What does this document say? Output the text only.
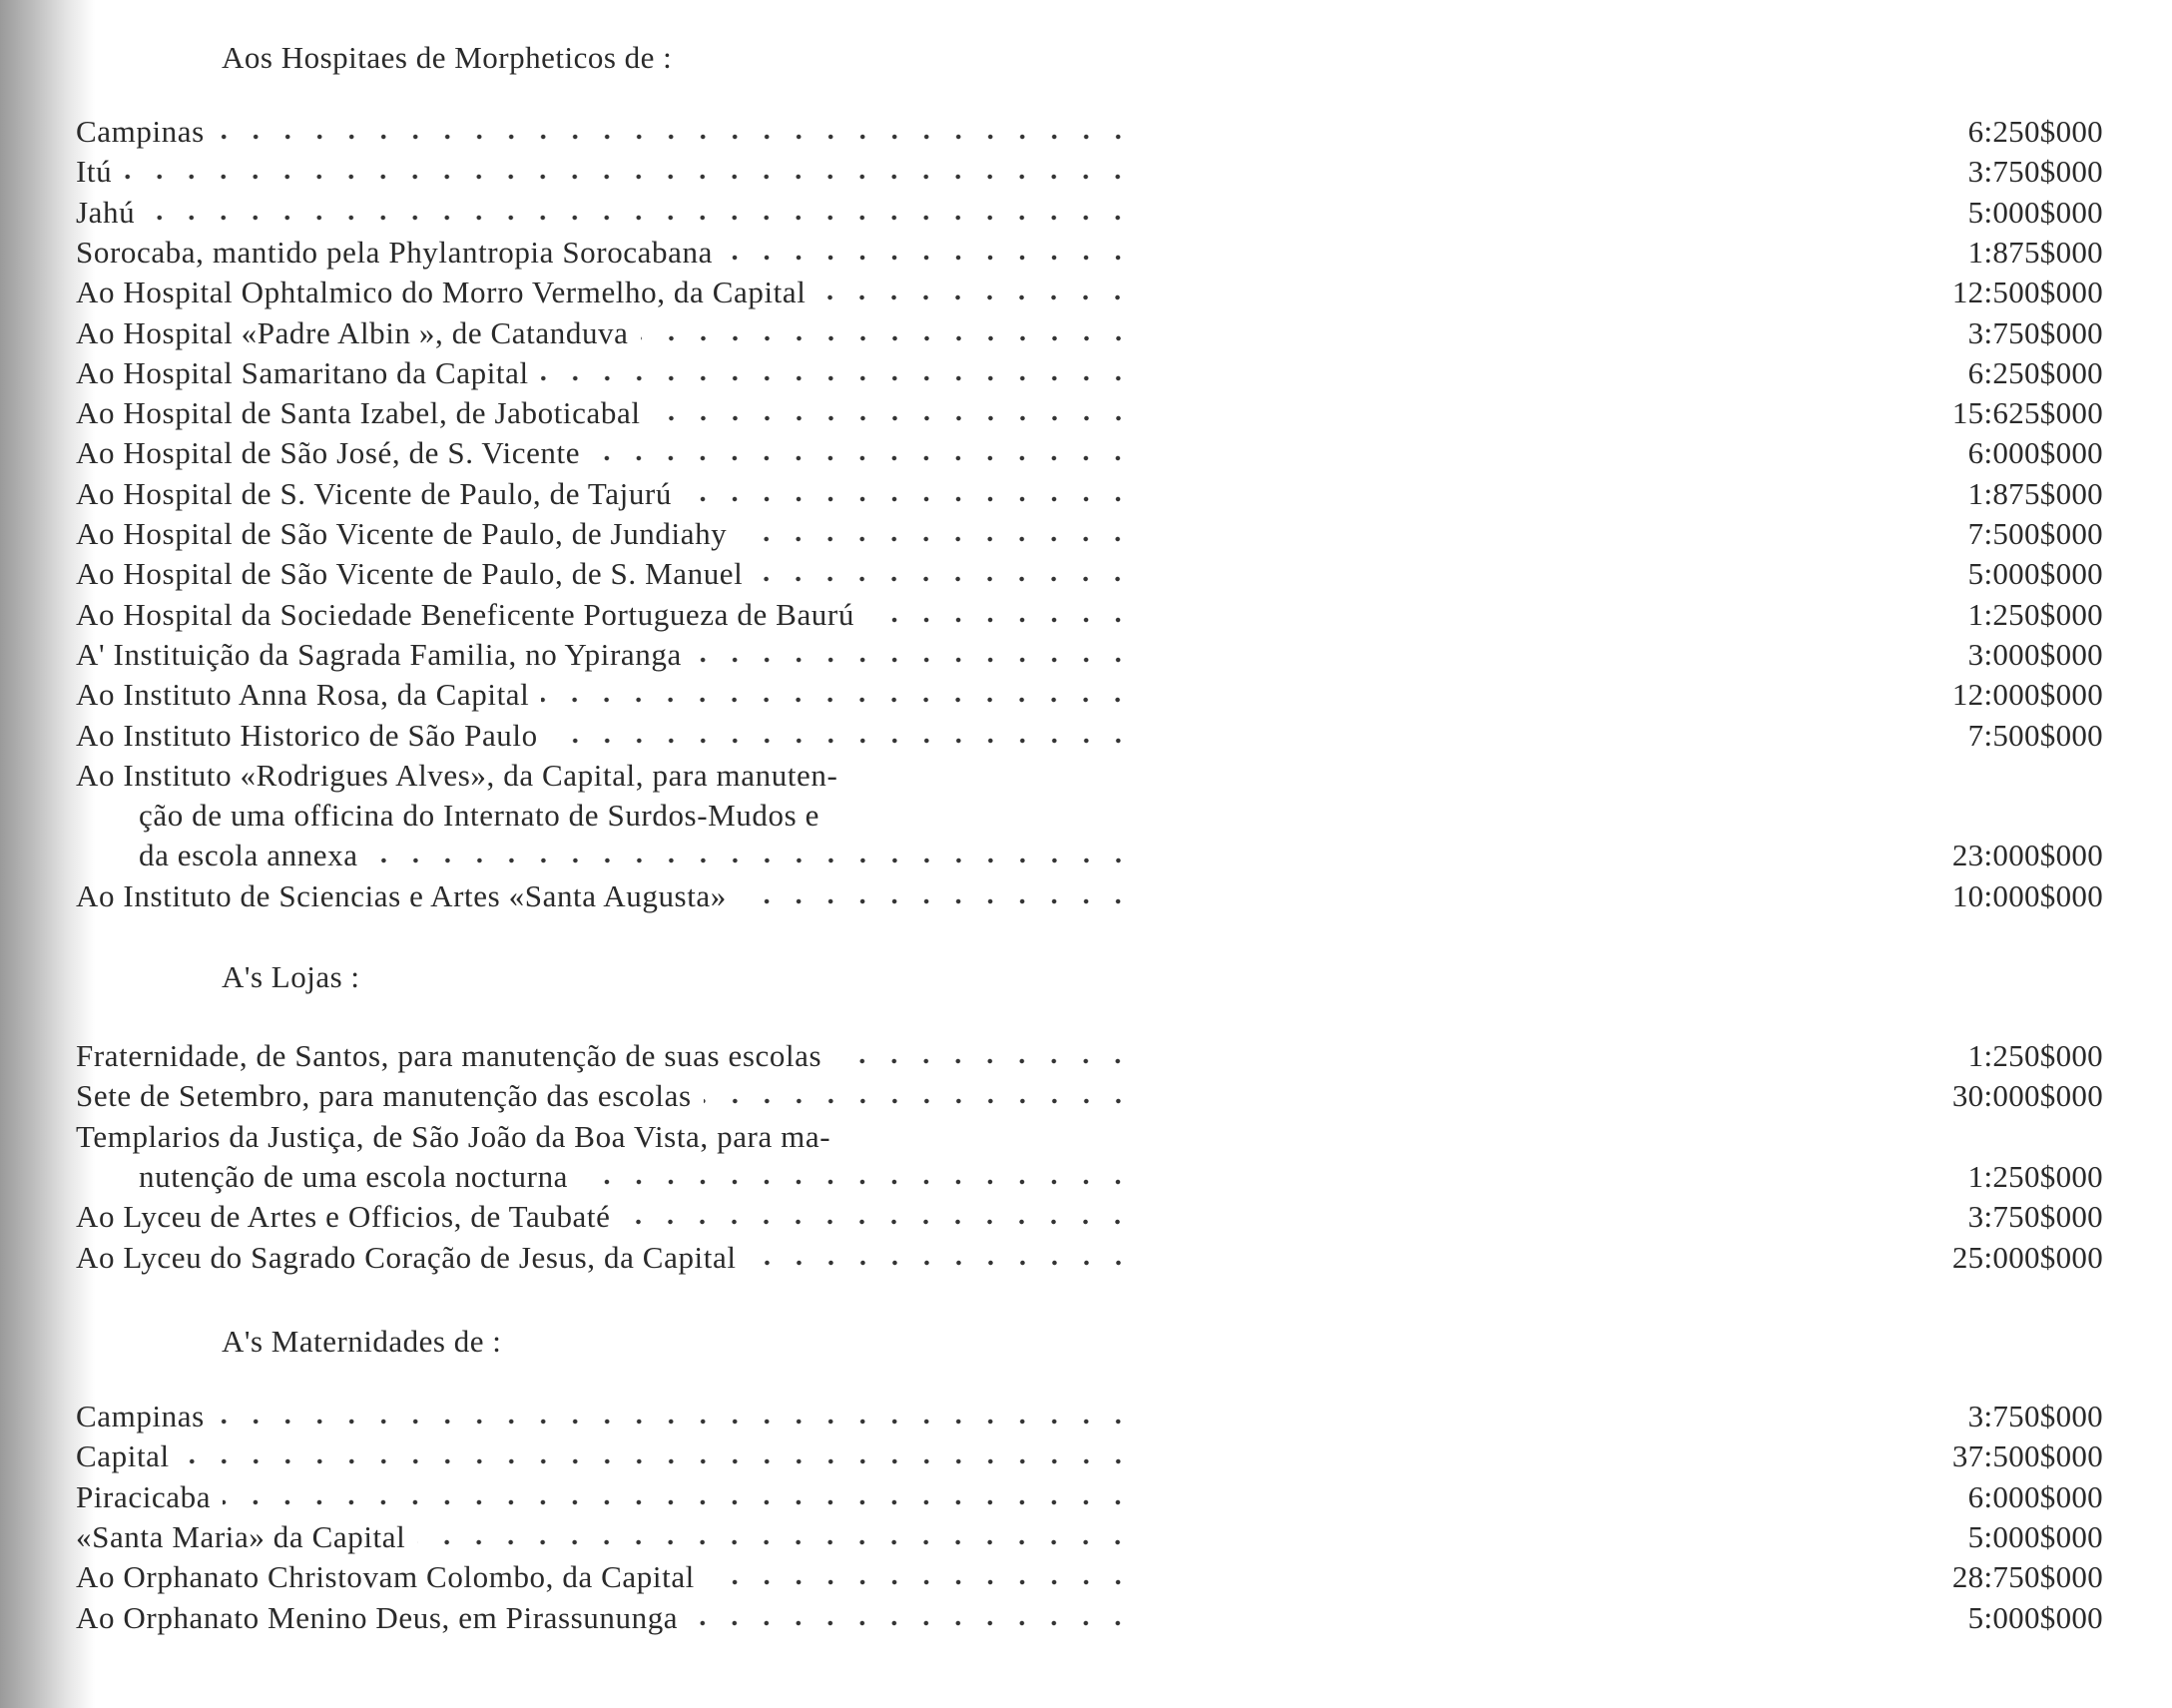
Aos Hospitaes de Morpheticos de :
Campinas	6:250$000
Itú	3:750$000
Jahú	5:000$000
Sorocaba, mantido pela Phylantropia Sorocabana	1:875$000
Ao Hospital Ophtalmico do Morro Vermelho, da Capital	12:500$000
Ao Hospital «Padre Albin », de Catanduva	3:750$000
Ao Hospital Samaritano da Capital	6:250$000
Ao Hospital de Santa Izabel, de Jaboticabal	15:625$000
Ao Hospital de São José, de S. Vicente	6:000$000
Ao Hospital de S. Vicente de Paulo, de Tajurú	1:875$000
Ao Hospital de São Vicente de Paulo, de Jundiahy	7:500$000
Ao Hospital de São Vicente de Paulo, de S. Manuel	5:000$000
Ao Hospital da Sociedade Beneficente Portugueza de Baurú	1:250$000
A' Instituição da Sagrada Familia, no Ypiranga	3:000$000
Ao Instituto Anna Rosa, da Capital	12:000$000
Ao Instituto Historico de São Paulo	7:500$000
Ao Instituto «Rodrigues Alves», da Capital, para manuten-
ção de uma officina do Internato de Surdos-Mudos e
da escola annexa	23:000$000
Ao Instituto de Sciencias e Artes «Santa Augusta»	10:000$000
A's Lojas :
Fraternidade, de Santos, para manutenção de suas escolas	1:250$000
Sete de Setembro, para manutenção das escolas	30:000$000
Templarios da Justiça, de São João da Boa Vista, para ma-
nutenção de uma escola nocturna	1:250$000
Ao Lyceu de Artes e Officios, de Taubaté	3:750$000
Ao Lyceu do Sagrado Coração de Jesus, da Capital	25:000$000
A's Maternidades de :
Campinas	3:750$000
Capital	37:500$000
Piracicaba	6:000$000
«Santa Maria» da Capital	5:000$000
Ao Orphanato Christovam Colombo, da Capital	28:750$000
Ao Orphanato Menino Deus, em Pirassununga	5:000$000
